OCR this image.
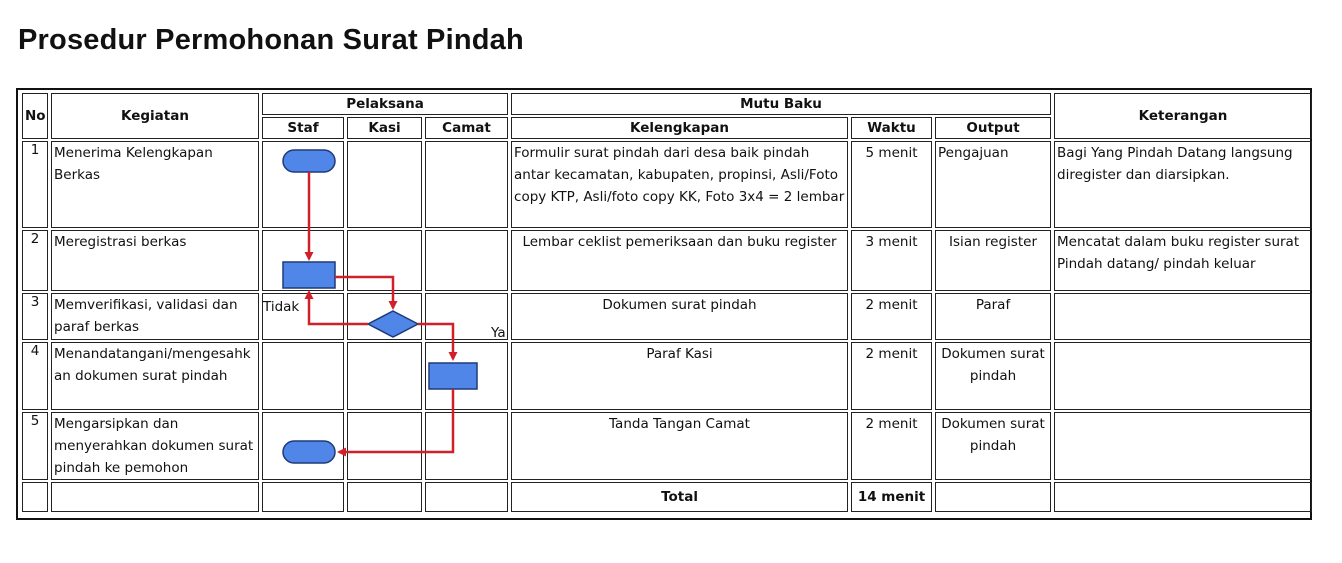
Prosedur Permohonan Surat Pindah
No	Kegiatan	Pelaksana			Mutu Baku			Keterangan
		Staf	Kasi	Camat	Kelengkapan	Waktu	Output	
1	Menerima Kelengkapan Berkas				Formulir surat pindah dari desa baik pindah antar kecamatan, kabupaten, propinsi, Asli/Foto copy KTP, Asli/foto copy KK, Foto 3x4 = 2 lembar	5 menit	Pengajuan	Bagi Yang Pindah Datang langsung diregister dan diarsipkan.
2	Meregistrasi berkas				Lembar ceklist pemeriksaan dan buku register	3 menit	Isian register	Mencatat dalam buku register surat Pindah datang/ pindah keluar
3	Memverifikasi, validasi dan paraf berkas				Dokumen surat pindah	2 menit	Paraf	
4	Menandatangani/mengesahkan dokumen surat pindah				Paraf Kasi	2 menit	Dokumen surat pindah	
5	Mengarsipkan dan menyerahkan dokumen surat pindah ke pemohon				Tanda Tangan Camat	2 menit	Dokumen surat pindah	
					Total	14 menit		
Tidak
Ya
